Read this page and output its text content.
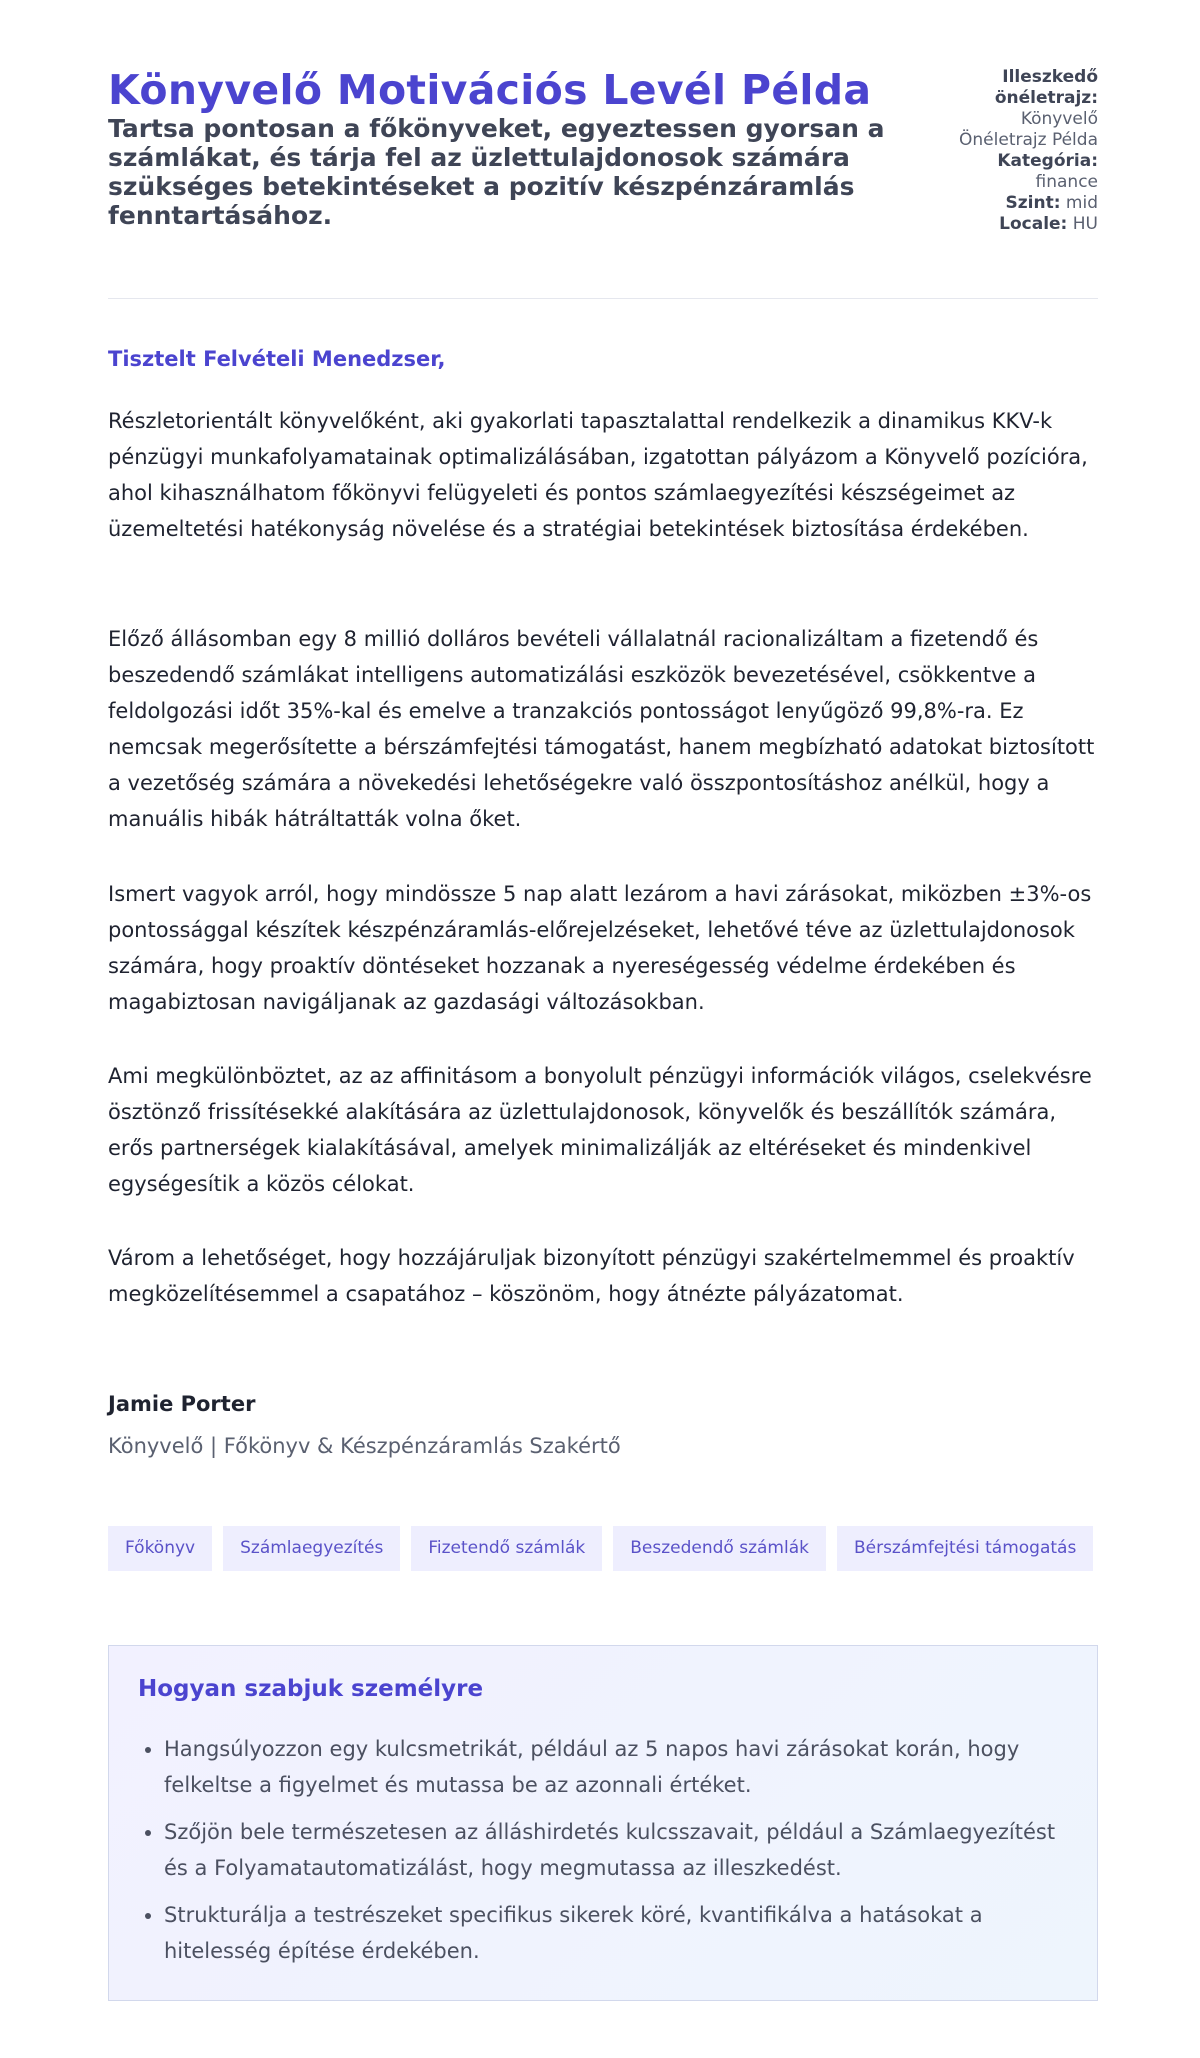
Könyvelő Motivációs Levél Példa

Tartsa pontosan a főkönyveket, egyeztessen gyorsan a számlákat, és tárja fel az üzlettulajdonosok számára szükséges betekintéseket a pozitív készpénzáramlás fenntartásához.

Illeszkedő önéletrajz: Könyvelő Önéletrajz Példa

Kategória: finance

Szint: mid

Locale: HU

Tisztelt Felvételi Menedzser,

Részletorientált könyvelőként, aki gyakorlati tapasztalattal rendelkezik a dinamikus KKV-k pénzügyi munkafolyamatainak optimalizálásában, izgatottan pályázom a Könyvelő pozícióra, ahol kihasználhatom főkönyvi felügyeleti és pontos számlaegyezítési készségeimet az üzemeltetési hatékonyság növelése és a stratégiai betekintések biztosítása érdekében.

Előző állásomban egy 8 millió dolláros bevételi vállalatnál racionalizáltam a fizetendő és beszedendő számlákat intelligens automatizálási eszközök bevezetésével, csökkentve a feldolgozási időt 35%-kal és emelve a tranzakciós pontosságot lenyűgöző 99,8%-ra. Ez nemcsak megerősítette a bérszámfejtési támogatást, hanem megbízható adatokat biztosított a vezetőség számára a növekedési lehetőségekre való összpontosításhoz anélkül, hogy a manuális hibák hátráltatták volna őket.

Ismert vagyok arról, hogy mindössze 5 nap alatt lezárom a havi zárásokat, miközben ±3%-os pontossággal készítek készpénzáramlás-előrejelzéseket, lehetővé téve az üzlettulajdonosok számára, hogy proaktív döntéseket hozzanak a nyereségesség védelme érdekében és magabiztosan navigáljanak az gazdasági változásokban.

Ami megkülönböztet, az az affinitásom a bonyolult pénzügyi információk világos, cselekvésre ösztönző frissítésekké alakítására az üzlettulajdonosok, könyvelők és beszállítók számára, erős partnerségek kialakításával, amelyek minimalizálják az eltéréseket és mindenkivel egységesítik a közös célokat.

Várom a lehetőséget, hogy hozzájáruljak bizonyított pénzügyi szakértelmemmel és proaktív megközelítésemmel a csapatához – köszönöm, hogy átnézte pályázatomat.

Jamie Porter

Könyvelő | Főkönyv & Készpénzáramlás Szakértő

Főkönyv	Számlaegyezítés	Fizetendő számlák	Beszedendő számlák	Bérszámfejtési támogatás
Hogyan szabjuk személyre
• Hangsúlyozzon egy kulcsmetrikát, például az 5 napos havi zárásokat korán, hogy felkeltse a figyelmet és mutassa be az azonnali értéket.
• Szőjön bele természetesen az álláshirdetés kulcsszavait, például a Számlaegyezítést és a Folyamatautomatizálást, hogy megmutassa az illeszkedést.
• Strukturálja a testrészeket specifikus sikerek köré, kvantifikálva a hatásokat a hitelesség építése érdekében.
